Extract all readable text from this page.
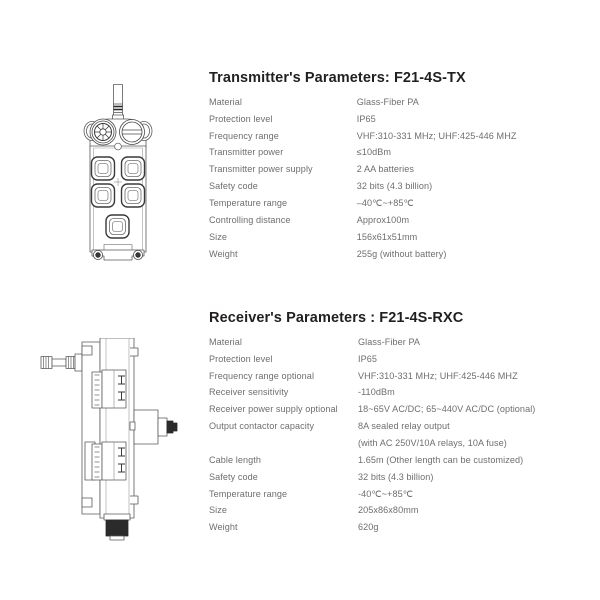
Transmitter's Parameters: F21-4S-TX
Material	Glass-Fiber PA
Protection level	IP65
Frequency range	VHF:310-331 MHz; UHF:425-446 MHZ
Transmitter power	≤10dBm
Transmitter power supply	2 AA batteries
Safety code	32 bits (4.3 billion)
Temperature range	–40℃~+85℃
Controlling distance	Approx100m
Size	156x61x51mm
Weight	255g (without battery)
Receiver's Parameters : F21-4S-RXC
Material	Glass-Fiber PA
Protection level	IP65
Frequency range optional	VHF:310-331 MHz; UHF:425-446 MHZ
Receiver sensitivity	-110dBm
Receiver power supply optional	18~65V AC/DC; 65~440V AC/DC (optional)
Output contactor capacity	8A sealed relay output
	(with AC 250V/10A relays, 10A fuse)
Cable length	1.65m (Other length can be customized)
Safety code	32 bits (4.3 billion)
Temperature range	-40℃~+85℃
Size	205x86x80mm
Weight	620g
